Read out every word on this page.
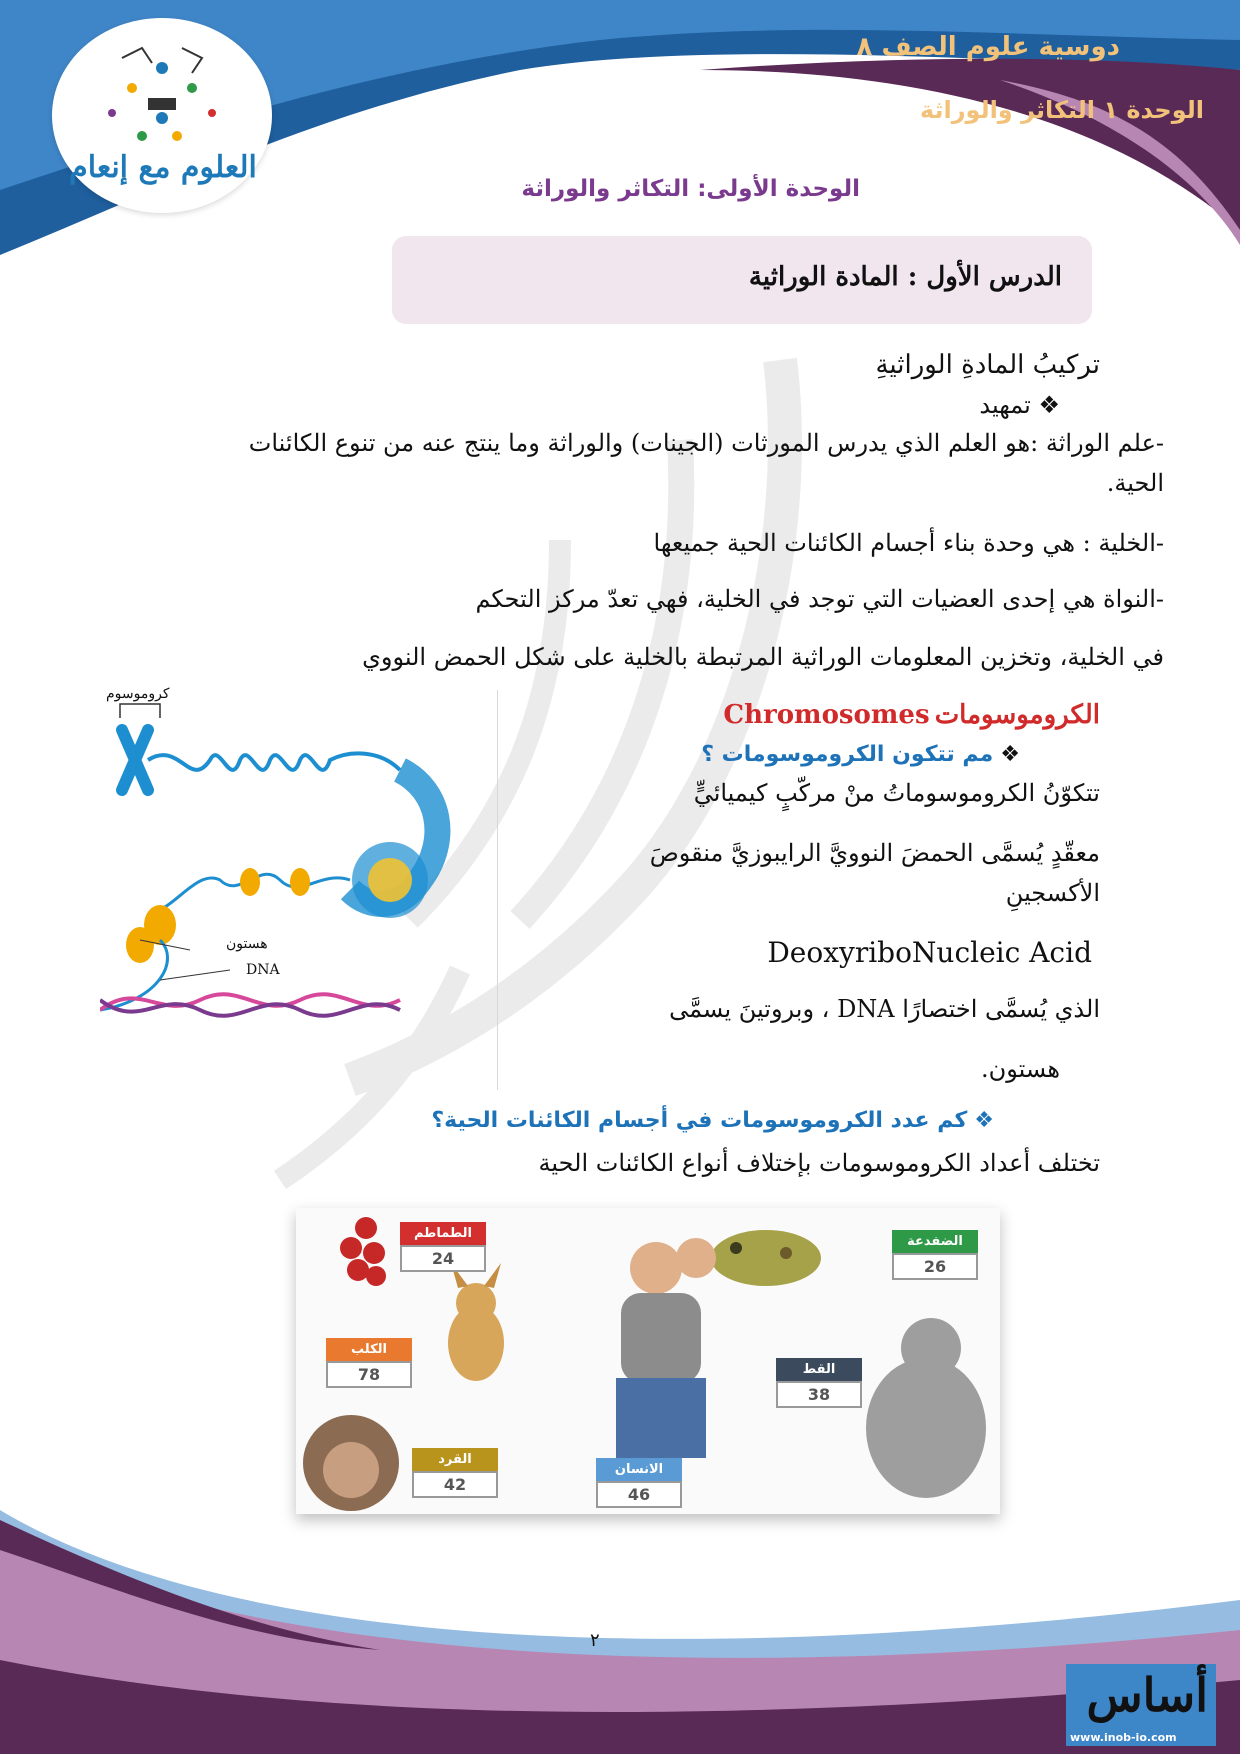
العلوم مع إنعام
دوسية علوم الصف ٨
الوحدة ١ التكاثر والوراثة
الوحدة الأولى: التكاثر والوراثة
الدرس الأول : المادة الوراثية
تركيبُ المادةِ الوراثيةِ
❖ تمهيد
-علم الوراثة :هو العلم الذي يدرس المورثات (الجينات) والوراثة وما ينتج عنه من تنوع الكائنات
الحية.
-الخلية : هي وحدة بناء أجسام الكائنات الحية جميعها
-النواة هي إحدى العضيات التي توجد في الخلية، فهي تعدّ مركز التحكم
في الخلية، وتخزين المعلومات الوراثية المرتبطة بالخلية على شكل الحمض النووي
الكروموسومات Chromosomes
❖ مم تتكون الكروموسومات ؟
تتكوّنُ الكروموسوماتُ منْ مركّبٍ كيميائيٍّ
معقّدٍ يُسمَّى الحمضَ النوويَّ الرايبوزيَّ منقوصَ
الأكسجينِ
DeoxyriboNucleic Acid
الذي يُسمَّى اختصارًا DNA ، وبروتينَ يسمَّى
هستون.
كروموسوم
هستون
DNA
❖ كم عدد الكروموسومات في أجسام الكائنات الحية؟
تختلف أعداد الكروموسومات بإختلاف أنواع الكائنات الحية
الطماطم
24
الضفدعة
26
الكلب
78	القط
38
القرد
42
الانسان
46
٢
أساس
www.inob-io.com
